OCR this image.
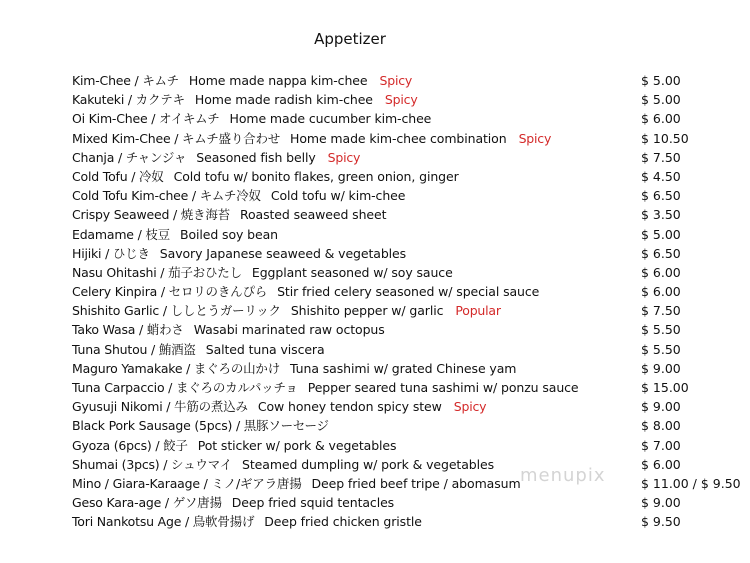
Appetizer
Kim-Chee / キムチ Home made nappa kim-chee Spicy	$ 5.00
Kakuteki / カクテキ Home made radish kim-chee Spicy	$ 5.00
Oi Kim-Chee / オイキムチ Home made cucumber kim-chee	$ 6.00
Mixed Kim-Chee / キムチ盛り合わせ Home made kim-chee combination Spicy	$ 10.50
Chanja / チャンジャ Seasoned fish belly Spicy	$ 7.50
Cold Tofu / 冷奴 Cold tofu w/ bonito flakes, green onion, ginger	$ 4.50
Cold Tofu Kim-chee / キムチ冷奴 Cold tofu w/ kim-chee	$ 6.50
Crispy Seaweed / 焼き海苔 Roasted seaweed sheet	$ 3.50
Edamame / 枝豆 Boiled soy bean	$ 5.00
Hijiki / ひじき Savory Japanese seaweed & vegetables	$ 6.50
Nasu Ohitashi / 茄子おひたし Eggplant seasoned w/ soy sauce	$ 6.00
Celery Kinpira / セロリのきんぴら Stir fried celery seasoned w/ special sauce	$ 6.00
Shishito Garlic / ししとうガーリック Shishito pepper w/ garlic Popular	$ 7.50
Tako Wasa / 蛸わさ Wasabi marinated raw octopus	$ 5.50
Tuna Shutou / 鮪酒盗 Salted tuna viscera	$ 5.50
Maguro Yamakake / まぐろの山かけ Tuna sashimi w/ grated Chinese yam	$ 9.00
Tuna Carpaccio / まぐろのカルパッチョ Pepper seared tuna sashimi w/ ponzu sauce	$ 15.00
Gyusuji Nikomi / 牛筋の煮込み Cow honey tendon spicy stew Spicy	$ 9.00
Black Pork Sausage (5pcs) / 黒豚ソーセージ	$ 8.00
Gyoza (6pcs) / 餃子 Pot sticker w/ pork & vegetables	$ 7.00
Shumai (3pcs) / シュウマイ Steamed dumpling w/ pork & vegetables	$ 6.00
Mino / Giara-Karaage / ミノ/ギアラ唐揚 Deep fried beef tripe / abomasum	$ 11.00 / $ 9.50
Geso Kara-age / ゲソ唐揚 Deep fried squid tentacles	$ 9.00
Tori Nankotsu Age / 鳥軟骨揚げ Deep fried chicken gristle	$ 9.50
menupix
